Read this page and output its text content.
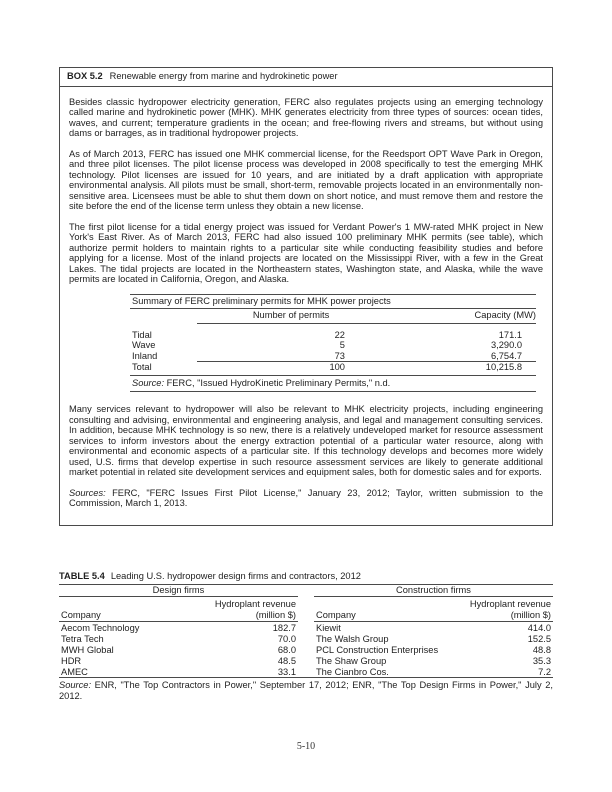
BOX 5.2 Renewable energy from marine and hydrokinetic power

Besides classic hydropower electricity generation, FERC also regulates projects using an emerging technology called marine and hydrokinetic power (MHK). MHK generates electricity from three types of sources: ocean tides, waves, and current; temperature gradients in the ocean; and free-flowing rivers and streams, but without using dams or barrages, as in traditional hydropower projects.

As of March 2013, FERC has issued one MHK commercial license, for the Reedsport OPT Wave Park in Oregon, and three pilot licenses. The pilot license process was developed in 2008 specifically to test the emerging MHK technology. Pilot licenses are issued for 10 years, and are initiated by a draft application with appropriate environmental analysis. All pilots must be small, short-term, removable projects located in an environmentally non-sensitive area. Licensees must be able to shut them down on short notice, and must remove them and restore the site before the end of the license term unless they obtain a new license.

The first pilot license for a tidal energy project was issued for Verdant Power's 1 MW-rated MHK project in New York's East River. As of March 2013, FERC had also issued 100 preliminary MHK permits (see table), which authorize permit holders to maintain rights to a particular site while conducting feasibility studies and before applying for a license. Most of the inland projects are located on the Mississippi River, with a few in the Great Lakes. The tidal projects are located in the Northeastern states, Washington state, and Alaska, while the wave permits are located in California, Oregon, and Alaska.

Summary of FERC preliminary permits for MHK power projects		
	Number of permits	Capacity (MW)

Tidal	22	171.1
Wave	5	3,290.0
Inland	73	6,754.7
Total	100	10,215.8
Source: FERC, "Issued HydroKinetic Preliminary Permits," n.d.		

Many services relevant to hydropower will also be relevant to MHK electricity projects, including engineering consulting and advising, environmental and engineering analysis, and legal and management consulting services. In addition, because MHK technology is so new, there is a relatively undeveloped market for resource assessment services to inform investors about the energy extraction potential of a particular water resource, along with environmental and economic aspects of a particular site. If this technology develops and becomes more widely used, U.S. firms that develop expertise in such resource assessment services are likely to generate additional market potential in related site development services and equipment sales, both for domestic sales and for exports.

Sources: FERC, "FERC Issues First Pilot License," January 23, 2012; Taylor, written submission to the Commission, March 1, 2013.

TABLE 5.4 Leading U.S. hydropower design firms and contractors, 2012
Design firms	
	Hydroplant revenue
Company	(million $)
Aecom Technology	182.7
Tetra Tech	70.0
MWH Global	68.0
HDR	48.5
AMEC	33.1
Construction firms	
	Hydroplant revenue
Company	(million $)
Kiewit	414.0
The Walsh Group	152.5
PCL Construction Enterprises	48.8
The Shaw Group	35.3
The Cianbro Cos.	7.2
Source: ENR, "The Top Contractors in Power," September 17, 2012; ENR, "The Top Design Firms in Power," July 2, 2012.
5-10
